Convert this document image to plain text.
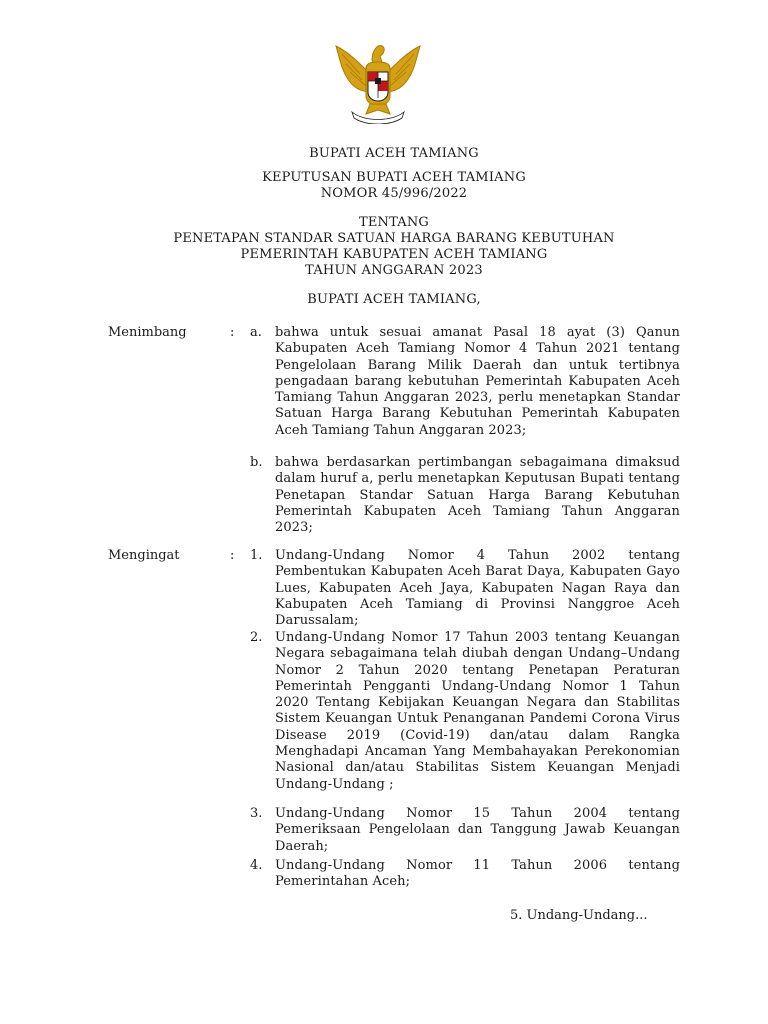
BUPATI ACEH TAMIANG
KEPUTUSAN BUPATI ACEH TAMIANG
NOMOR 45/996/2022
TENTANG
PENETAPAN STANDAR SATUAN HARGA BARANG KEBUTUHAN
PEMERINTAH KABUPATEN ACEH TAMIANG
TAHUN ANGGARAN 2023
BUPATI ACEH TAMIANG,
Menimbang	: a. bahwa untuk sesuai amanat Pasal 18 ayat (3) Qanun Kabupaten Aceh Tamiang Nomor 4 Tahun 2021 tentang Pengelolaan Barang Milik Daerah dan untuk tertibnya pengadaan barang kebutuhan Pemerintah Kabupaten Aceh Tamiang Tahun Anggaran 2023, perlu menetapkan Standar Satuan Harga Barang Kebutuhan Pemerintah Kabupaten Aceh Tamiang Tahun Anggaran 2023;
b. bahwa berdasarkan pertimbangan sebagaimana dimaksud dalam huruf a, perlu menetapkan Keputusan Bupati tentang Penetapan Standar Satuan Harga Barang Kebutuhan Pemerintah Kabupaten Aceh Tamiang Tahun Anggaran 2023;
Mengingat	: 1. Undang-Undang Nomor 4 Tahun 2002 tentang Pembentukan Kabupaten Aceh Barat Daya, Kabupaten Gayo Lues, Kabupaten Aceh Jaya, Kabupaten Nagan Raya dan Kabupaten Aceh Tamiang di Provinsi Nanggroe Aceh Darussalam;
2. Undang-Undang Nomor 17 Tahun 2003 tentang Keuangan Negara sebagaimana telah diubah dengan Undang–Undang Nomor 2 Tahun 2020 tentang Penetapan Peraturan Pemerintah Pengganti Undang-Undang Nomor 1 Tahun 2020 Tentang Kebijakan Keuangan Negara dan Stabilitas Sistem Keuangan Untuk Penanganan Pandemi Corona Virus Disease 2019 (Covid-19) dan/atau dalam Rangka Menghadapi Ancaman Yang Membahayakan Perekonomian Nasional dan/atau Stabilitas Sistem Keuangan Menjadi Undang-Undang ;
3. Undang-Undang Nomor 15 Tahun 2004 tentang Pemeriksaan Pengelolaan dan Tanggung Jawab Keuangan Daerah;
4. Undang-Undang Nomor 11 Tahun 2006 tentang Pemerintahan Aceh;
5. Undang-Undang...
